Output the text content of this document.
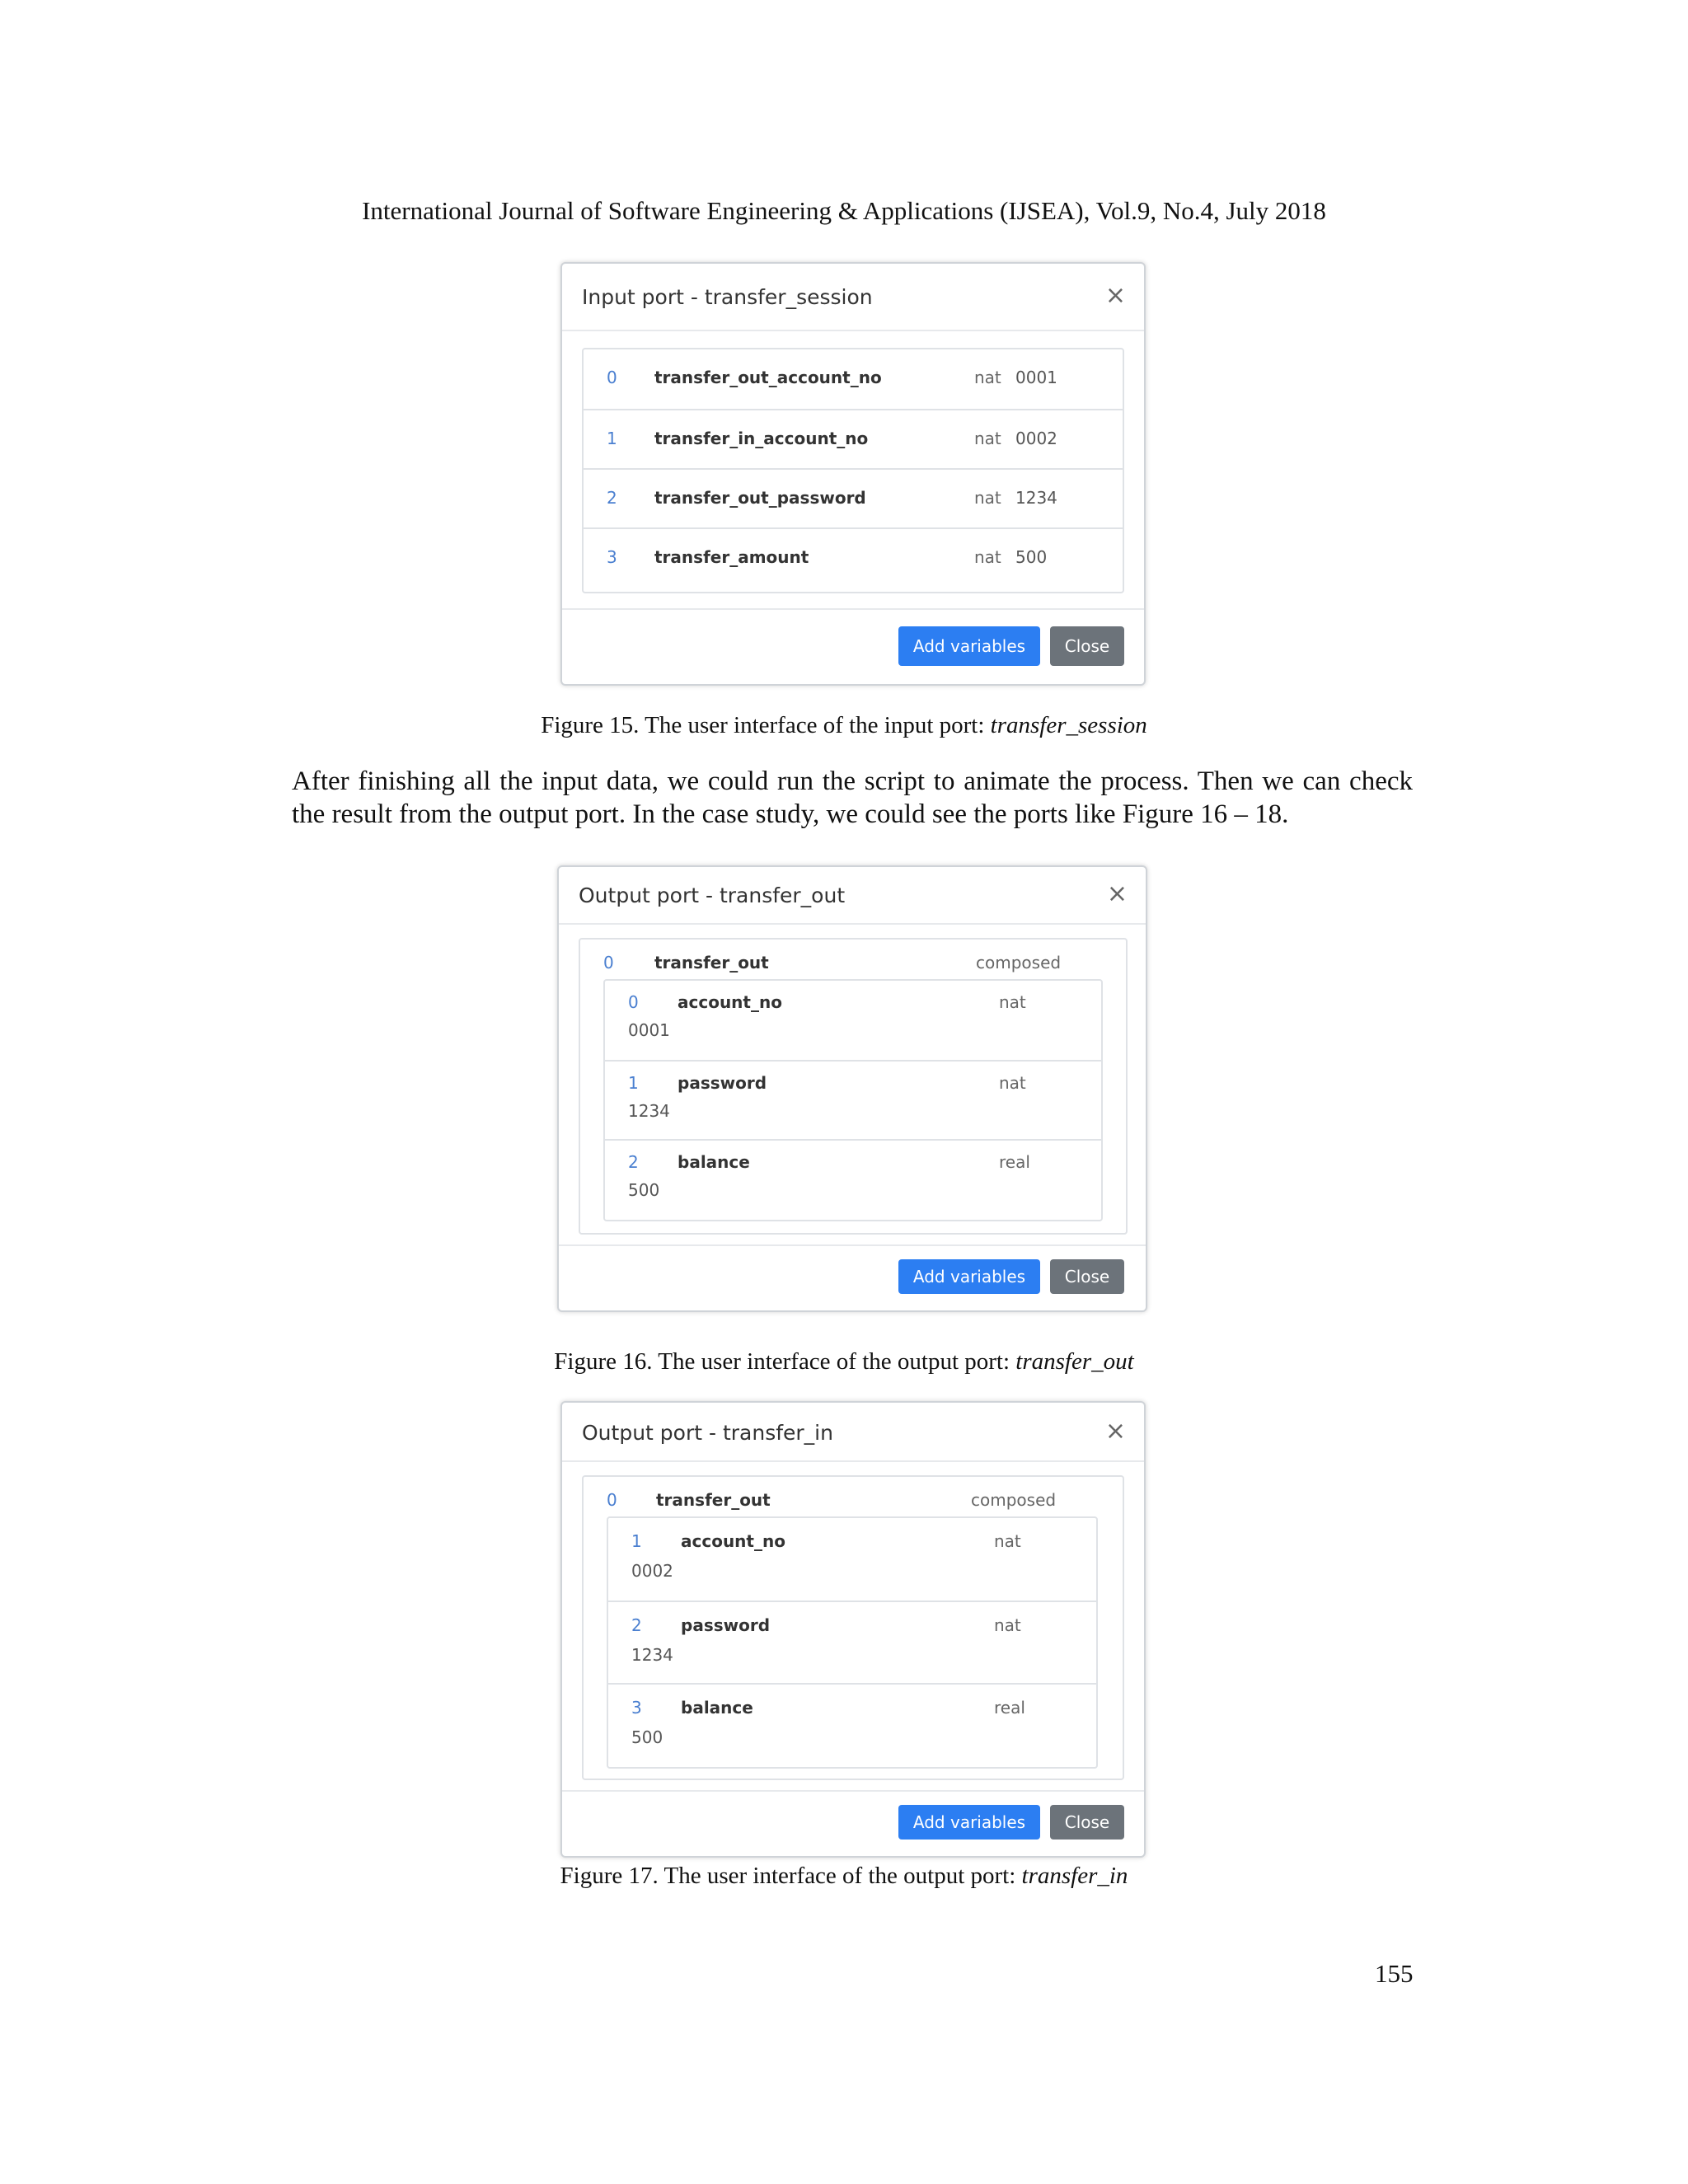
International Journal of Software Engineering & Applications (IJSEA), Vol.9, No.4, July 2018
Input port - transfer_session	×
0 transfer_out_account_no	nat 0001
1 transfer_in_account_no	nat 0002
2 transfer_out_password	nat 1234
3 transfer_amount	nat 500
Add variables	Close
Figure 15. The user interface of the input port: transfer_session
After finishing all the input data, we could run the script to animate the process. Then we can check the result from the output port. In the case study, we could see the ports like Figure 16 – 18.
Output port - transfer_out	×
0 transfer_out	composed
0 account_no	nat
0001
1 password	nat
1234
2 balance	real
500
Add variables	Close
Figure 16. The user interface of the output port: transfer_out
Output port - transfer_in	×
0 transfer_out	composed
1 account_no	nat
0002
2 password	nat
1234
3 balance	real
500
Add variables	Close
Figure 17. The user interface of the output port: transfer_in
155
